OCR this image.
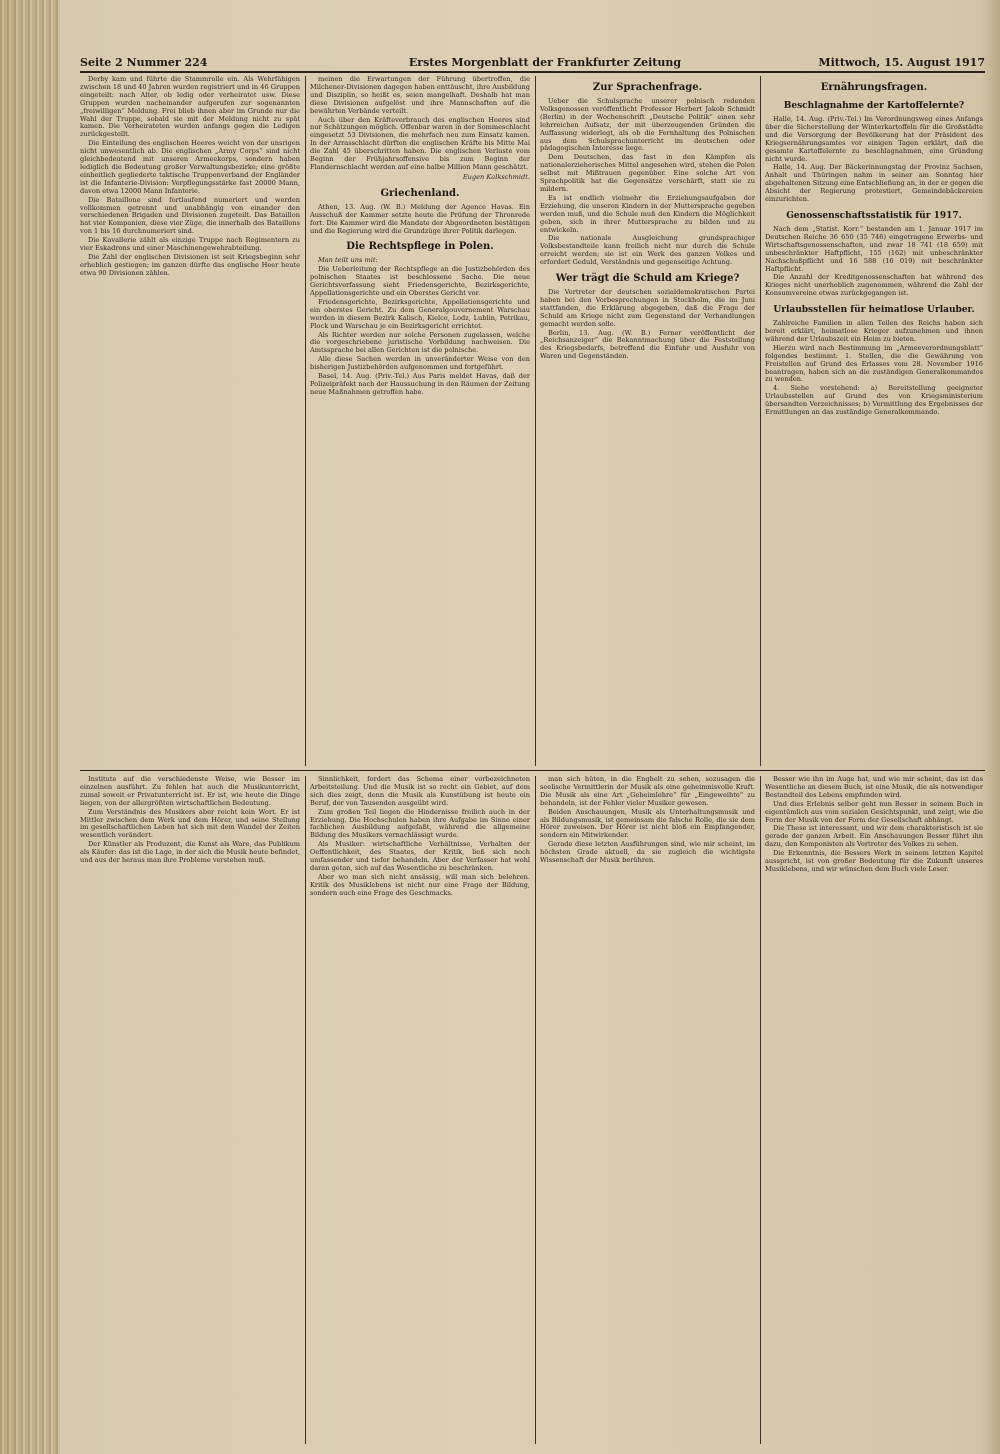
Seite 2 Nummer 224	Erstes Morgenblatt der Frankfurter Zeitung	Mittwoch, 15. August 1917

Derby kam und führte die Stammrolle ein. Als Wehrfähigen zwischen 18 und 40 Jahren wurden registriert und in 46 Gruppen eingeteilt: nach Alter, ob ledig oder verheiratet usw. Diese Gruppen wurden nacheinander aufgerufen zur sogenannten „freiwilligen“ Meldung. Frei blieb ihnen aber im Grunde nur die Wahl der Truppe, sobald sie mit der Meldung nicht zu spät kamen. Die Verheirateten wurden anfangs gegen die Ledigen zurückgestellt.

Die Einteilung des englischen Heeres weicht von der unsrigen nicht unwesentlich ab. Die englischen „Army Corps“ sind nicht gleichbedeutend mit unseren Armeekorps, sondern haben lediglich die Bedeutung großer Verwaltungsbezirke; eine größte einheitlich gegliederte taktische Truppenverband der Engländer ist die Infanterie-Division: Verpflegungsstärke fast 20000 Mann, davon etwa 12000 Mann Infanterie.

Die Bataillone sind fortlaufend numeriert und werden vollkommen getrennt und unabhängig von einander den verschiedenen Brigaden und Divisionen zugeteilt. Das Bataillon hat vier Kompanien, diese vier Züge, die innerhalb des Bataillons von 1 bis 16 durchnumeriert sind.

Die Kavallerie zählt als einzige Truppe nach Regimentern zu vier Eskadrons und einer Maschinengewehrabteilung.

Die Zahl der englischen Divisionen ist seit Kriegsbeginn sehr erheblich gestiegen; im ganzen dürfte das englische Heer heute etwa 90 Divisionen zählen.

meinen die Erwartungen der Führung übertroffen, die Milchener-Divisionen dagegen haben enttäuscht, ihre Ausbildung und Disziplin, so heißt es, seien mangelhaft. Deshalb hat man diese Divisionen aufgelöst und ihre Mannschaften auf die bewährten Verbände verteilt.

Auch über den Kräfteverbrauch des englischen Heeres sind nur Schätzungen möglich. Offenbar waren in der Sommeschlacht eingesetzt 53 Divisionen, die mehrfach neu zum Einsatz kamen. In der Arrasschlacht dürften die englischen Kräfte bis Mitte Mai die Zahl 45 überschritten haben. Die englischen Verluste vom Beginn der Frühjahrsoffensive bis zum Beginn der Flandernschlacht werden auf eine halbe Million Mann geschätzt.

Eugen Kalkschmidt.
Griechenland.

Athen, 13. Aug. (W. B.) Meldung der Agence Havas. Ein Ausschuß der Kammer setzte heute die Prüfung der Thronrede fort. Die Kammer wird die Mandate der Abgeordneten bestätigen und die Regierung wird die Grundzüge ihrer Politik darlegen.

Die Rechtspflege in Polen.

Man teilt uns mit:

Die Ueberleitung der Rechtspflege an die Justizbehörden des polnischen Staates ist beschlossene Sache. Die neue Gerichtsverfassung sieht Friedensgerichte, Bezirksgerichte, Appellationsgerichte und ein Oberstes Gericht vor.

Friedensgerichte, Bezirksgerichte, Appellationsgerichte und ein oberstes Gericht. Zu dem Generalgouvernement Warschau werden in diesem Bezirk Kalisch, Kielce, Lodz, Lublin, Petrikau, Plock und Warschau je ein Bezirksgericht errichtet.

Als Richter werden nur solche Personen zugelassen, welche die vorgeschriebene juristische Vorbildung nachweisen. Die Amtssprache bei allen Gerichten ist die polnische.

Alle diese Sachen werden in unveränderter Weise von den bisherigen Justizbehörden aufgenommen und fortgeführt.

Basel, 14. Aug. (Priv.-Tel.) Aus Paris meldet Havas, daß der Polizeipräfekt nach der Haussuchung in den Räumen der Zeitung neue Maßnahmen getroffen habe.

Zur Sprachenfrage.

Ueber die Schulsprache unserer polnisch redenden Volksgenossen veröffentlicht Professor Herbert Jakob Schmidt (Berlin) in der Wochenschrift „Deutsche Politik“ einen sehr lehrreichen Aufsatz, der mit überzeugenden Gründen die Auffassung widerlegt, als ob die Fernhaltung des Polnischen aus dem Schulsprachunterricht im deutschen oder pädagogischen Interesse liege.

Dem Deutschen, das fast in den Kämpfen als nationalerzieherisches Mittel angesehen wird, stehen die Polen selbst mit Mißtrauen gegenüber. Eine solche Art von Sprachpolitik hat die Gegensätze verschärft, statt sie zu mildern.

Es ist endlich vielmehr die Erziehungsaufgaben der Erziehung, die unseren Kindern in der Muttersprache gegeben werden muß, und die Schule muß den Kindern die Möglichkeit geben, sich in ihrer Muttersprache zu bilden und zu entwickeln.

Die nationale Ausgleichung grundsprachiger Volksbestandteile kann freilich nicht nur durch die Schule erreicht werden; sie ist ein Werk des ganzen Volkes und erfordert Geduld, Verständnis und gegenseitige Achtung.

Wer trägt die Schuld am Kriege?

Die Vertreter der deutschen sozialdemokratischen Partei haben bei den Vorbesprechungen in Stockholm, die im Juni stattfanden, die Erklärung abgegeben, daß die Frage der Schuld am Kriege nicht zum Gegenstand der Verhandlungen gemacht werden solle.

Berlin, 13. Aug. (W. B.) Ferner veröffentlicht der „Reichsanzeiger“ die Bekanntmachung über die Feststellung des Kriegsbedarfs, betreffend die Einfuhr und Ausfuhr von Waren und Gegenständen.

Ernährungsfragen.
Beschlagnahme der Kartoffelernte?

Halle, 14. Aug. (Priv.-Tel.) Im Verordnungsweg eines Anfangs über die Sicherstellung der Winterkartoffeln für die Großstädte und die Versorgung der Bevölkerung hat der Präsident des Kriegsernährungsamtes vor einigen Tagen erklärt, daß die gesamte Kartoffelernte zu beschlagnahmen, eine Gründung nicht wurde.

Halle, 14. Aug. Der Bäckerinnungstag der Provinz Sachsen, Anhalt und Thüringen nahm in seiner am Sonntag hier abgehaltenen Sitzung eine Entschließung an, in der er gegen die Absicht der Regierung protestiert, Gemeindebäckereien einzurichten.

Genossenschaftsstatistik für 1917.

Nach dem „Statist. Korr.“ bestanden am 1. Januar 1917 im Deutschen Reiche 36 650 (35 746) eingetragene Erwerbs- und Wirtschaftsgenossenschaften, und zwar 18 741 (18 659) mit unbeschränkter Haftpflicht, 155 (162) mit unbeschränkter Nachschußpflicht und 16 588 (16 019) mit beschränkter Haftpflicht.

Die Anzahl der Kreditgenossenschaften hat während des Krieges nicht unerheblich zugenommen, während die Zahl der Konsumvereine etwas zurückgegangen ist.

Urlaubsstellen für heimatlose Urlauber.

Zahlreiche Familien in allen Teilen des Reichs haben sich bereit erklärt, heimatlose Krieger aufzunehmen und ihnen während der Urlaubszeit ein Heim zu bieten.

Hierzu wird nach Bestimmung im „Armeeverordnungsblatt“ folgendes bestimmt: 1. Stellen, die die Gewährung von Freistellen auf Grund des Erlasses vom 28. November 1916 beantragen, haben sich an die zuständigen Generalkommandos zu wenden.

4. Siehe vorstehend: a) Bereitstellung geeigneter Urlaubsstellen auf Grund des von Kriegsministerium übersandten Verzeichnisses; b) Vermittlung des Ergebnisses der Ermittlungen an das zuständige Generalkommando.

Institute auf die verschiedenste Weise, wie Besser im einzelnen ausführt. Zu fehlen hat auch die Musikunterricht, zumal soweit er Privatunterricht ist. Er ist, wie heute die Dinge liegen, von der allergrößten wirtschaftlichen Bedeutung.

Zum Verständnis des Musikers aber reicht kein Wort. Er ist Mittler zwischen dem Werk und dem Hörer, und seine Stellung im gesellschaftlichen Leben hat sich mit dem Wandel der Zeiten wesentlich verändert.

Der Künstler als Produzent, die Kunst als Ware, das Publikum als Käufer: das ist die Lage, in der sich die Musik heute befindet, und aus der heraus man ihre Probleme verstehen muß.

Sinnlichkeit, fordert das Schema einer vorbezeichneten Arbeitsteilung. Und die Musik ist so recht ein Gebiet, auf dem sich dies zeigt, denn die Musik als Kunstübung ist heute ein Beruf, der von Tausenden ausgeübt wird.

Zum großen Teil liegen die Hindernisse freilich auch in der Erziehung. Die Hochschulen haben ihre Aufgabe im Sinne einer fachlichen Ausbildung aufgefaßt, während die allgemeine Bildung des Musikers vernachlässigt wurde.

Als Musiker: wirtschaftliche Verhältnisse, Verhalten der Oeffentlichkeit, des Staates, der Kritik, ließ sich noch umfassender und tiefer behandeln. Aber der Verfasser hat wohl daran getan, sich auf das Wesentliche zu beschränken.

Aber wo man sich nicht ansässig, will man sich belehren. Kritik des Musiklebens ist nicht nur eine Frage der Bildung, sondern auch eine Frage des Geschmacks.

man sich hüten, in die Enghelt zu sehen, sozusagen die seelische Vermittlerin der Musik als eine geheimnisvolle Kraft. Die Musik als eine Art „Geheimlehre“ für „Eingeweihte“ zu behandeln, ist der Fehler vieler Musiker gewesen.

Beiden Anschauungen, Musik als Unterhaltungsmusik und als Bildungsmusik, ist gemeinsam die falsche Rolle, die sie dem Hörer zuweisen. Der Hörer ist nicht bloß ein Empfangender, sondern ein Mitwirkender.

Gerade diese letzten Ausführungen sind, wie mir scheint, im höchsten Grade aktuell, da sie zugleich die wichtigste Wissenschaft der Musik berühren.

Besser wie ihn im Auge hat, und wie mir scheint, das ist das Wesentliche an diesem Buch, ist eine Musik, die als notwendiger Bestandteil des Lebens empfunden wird.

Und dies Erlebnis selber geht nun Besser in seinem Buch in eigentümlich aus vom sozialen Gesichtspunkt, und zeigt, wie die Form der Musik von der Form der Gesellschaft abhängt.

Die These ist interessant, und wir dem charakteristisch ist sie gerade der ganzen Arbeit. Ein Anschauungen Besser führt ihn dazu, den Komponisten als Vertreter des Volkes zu sehen.

Die Erkenntnis, die Bessers Werk in seinem letzten Kapitel ausspricht, ist von großer Bedeutung für die Zukunft unseres Musiklebens, und wir wünschen dem Buch viele Leser.
